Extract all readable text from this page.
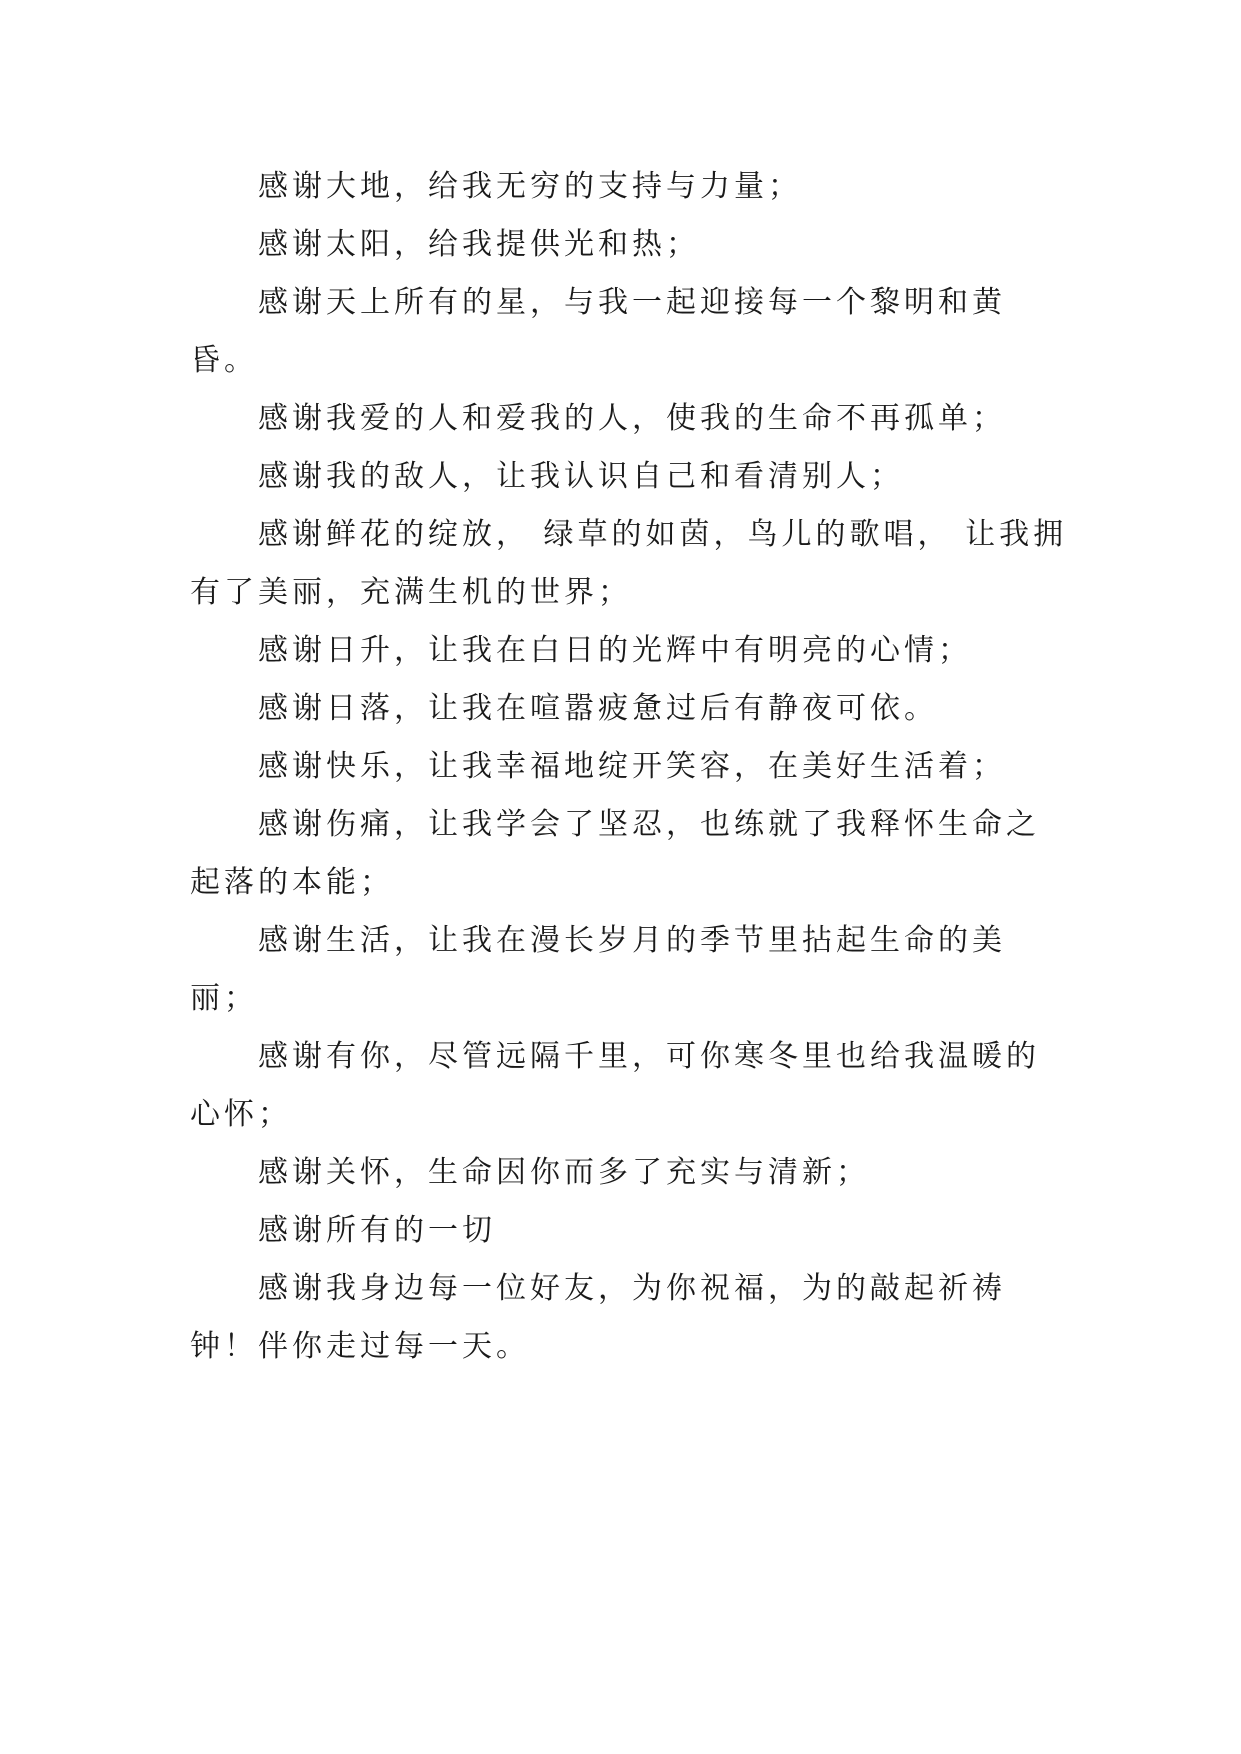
感谢大地，给我无穷的支持与力量；

感谢太阳，给我提供光和热；

感谢天上所有的星，与我一起迎接每一个黎明和黄昏。

感谢我爱的人和爱我的人，使我的生命不再孤单；

感谢我的敌人，让我认识自己和看清别人；

感谢鲜花的绽放， 绿草的如茵，鸟儿的歌唱， 让我拥有了美丽，充满生机的世界；

感谢日升，让我在白日的光辉中有明亮的心情；

感谢日落，让我在喧嚣疲惫过后有静夜可依。

感谢快乐，让我幸福地绽开笑容，在美好生活着；

感谢伤痛，让我学会了坚忍，也练就了我释怀生命之起落的本能；

感谢生活，让我在漫长岁月的季节里拈起生命的美丽；

感谢有你，尽管远隔千里，可你寒冬里也给我温暖的心怀；

感谢关怀，生命因你而多了充实与清新；

感谢所有的一切

感谢我身边每一位好友，为你祝福，为的敲起祈祷钟！伴你走过每一天。
